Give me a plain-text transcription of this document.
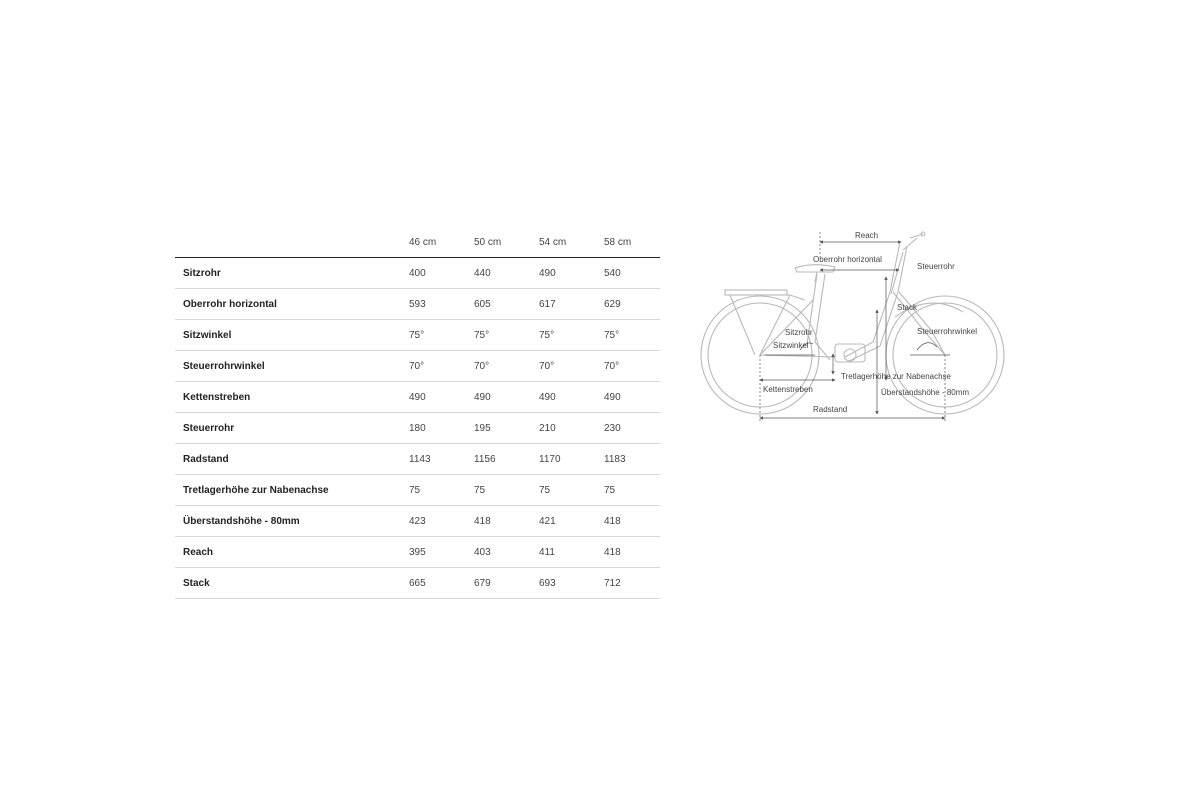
	46 cm	50 cm	54 cm	58 cm
Sitzrohr	400	440	490	540
Oberrohr horizontal	593	605	617	629
Sitzwinkel	75°	75°	75°	75°
Steuerrohrwinkel	70°	70°	70°	70°
Kettenstreben	490	490	490	490
Steuerrohr	180	195	210	230
Radstand	1143	1156	1170	1183
Tretlagerhöhe zur Nabenachse	75	75	75	75
Überstandshöhe - 80mm	423	418	421	418
Reach	395	403	411	418
Stack	665	679	693	712
Reach
Oberrohr horizontal
Steuerrohr
Stack
Sitzrohr	Steuerrohrwinkel
Sitzwinkel
Tretlagerhöhe zur Nabenachse
Kettenstreben	Überstandshöhe - 80mm
Radstand
